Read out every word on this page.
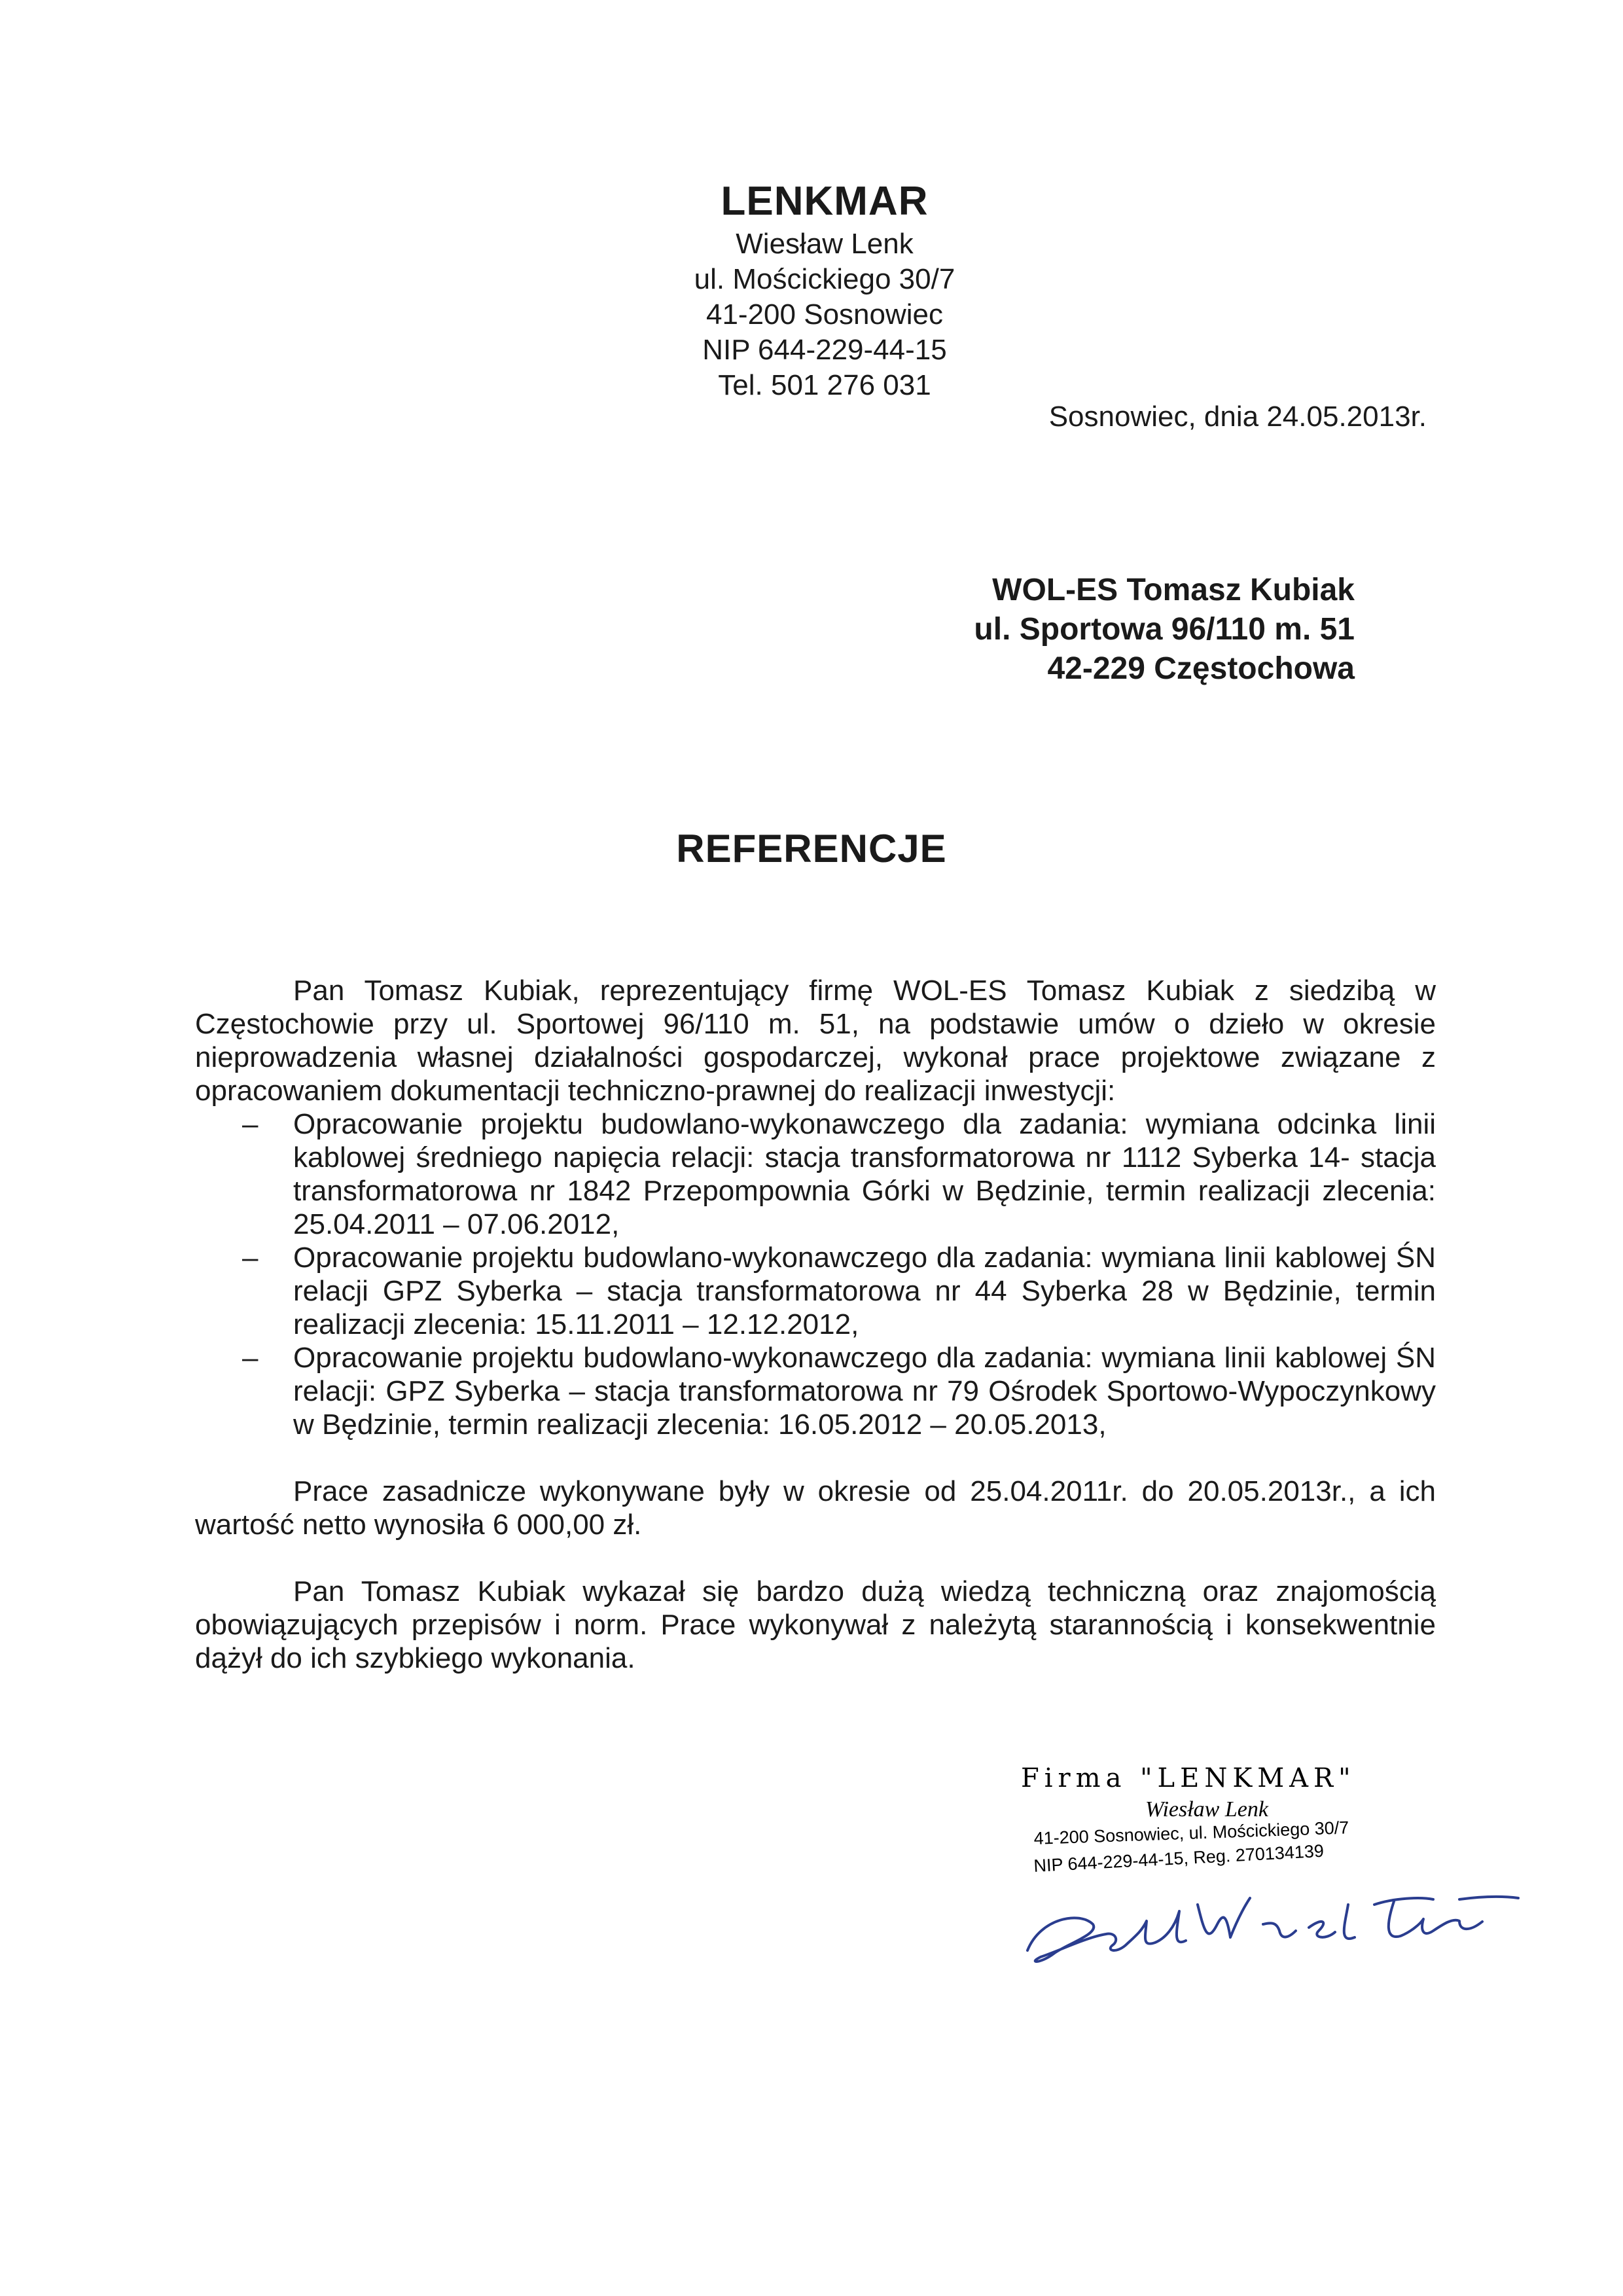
LENKMAR
Wiesław Lenk
ul. Mościckiego 30/7
41-200 Sosnowiec
NIP 644-229-44-15
Tel. 501 276 031
Sosnowiec, dnia 24.05.2013r.
WOL-ES Tomasz Kubiak
ul. Sportowa 96/110 m. 51
42-229 Częstochowa
REFERENCJE

Pan Tomasz Kubiak, reprezentujący firmę WOL-ES Tomasz Kubiak z siedzibą w Częstochowie przy ul. Sportowej 96/110 m. 51, na podstawie umów o dzieło w okresie nieprowadzenia własnej działalności gospodarczej, wykonał prace projektowe związane z opracowaniem dokumentacji techniczno-prawnej do realizacji inwestycji:

– Opracowanie projektu budowlano-wykonawczego dla zadania: wymiana odcinka linii kablowej średniego napięcia relacji: stacja transformatorowa nr 1112 Syberka 14- stacja transformatorowa nr 1842 Przepompownia Górki w Będzinie, termin realizacji zlecenia: 25.04.2011 – 07.06.2012,
– Opracowanie projektu budowlano-wykonawczego dla zadania: wymiana linii kablowej ŚN relacji GPZ Syberka – stacja transformatorowa nr 44 Syberka 28 w Będzinie, termin realizacji zlecenia: 15.11.2011 – 12.12.2012,
– Opracowanie projektu budowlano-wykonawczego dla zadania: wymiana linii kablowej ŚN relacji: GPZ Syberka – stacja transformatorowa nr 79 Ośrodek Sportowo-Wypoczynkowy w Będzinie, termin realizacji zlecenia: 16.05.2012 – 20.05.2013,

Prace zasadnicze wykonywane były w okresie od 25.04.2011r. do 20.05.2013r., a ich wartość netto wynosiła 6 000,00 zł.

Pan Tomasz Kubiak wykazał się bardzo dużą wiedzą techniczną oraz znajomością obowiązujących przepisów i norm. Prace wykonywał z należytą starannością i konsekwentnie dążył do ich szybkiego wykonania.

Firma "LENKMAR"
Wiesław Lenk
41-200 Sosnowiec, ul. Mościckiego 30/7
NIP 644-229-44-15, Reg. 270134139
